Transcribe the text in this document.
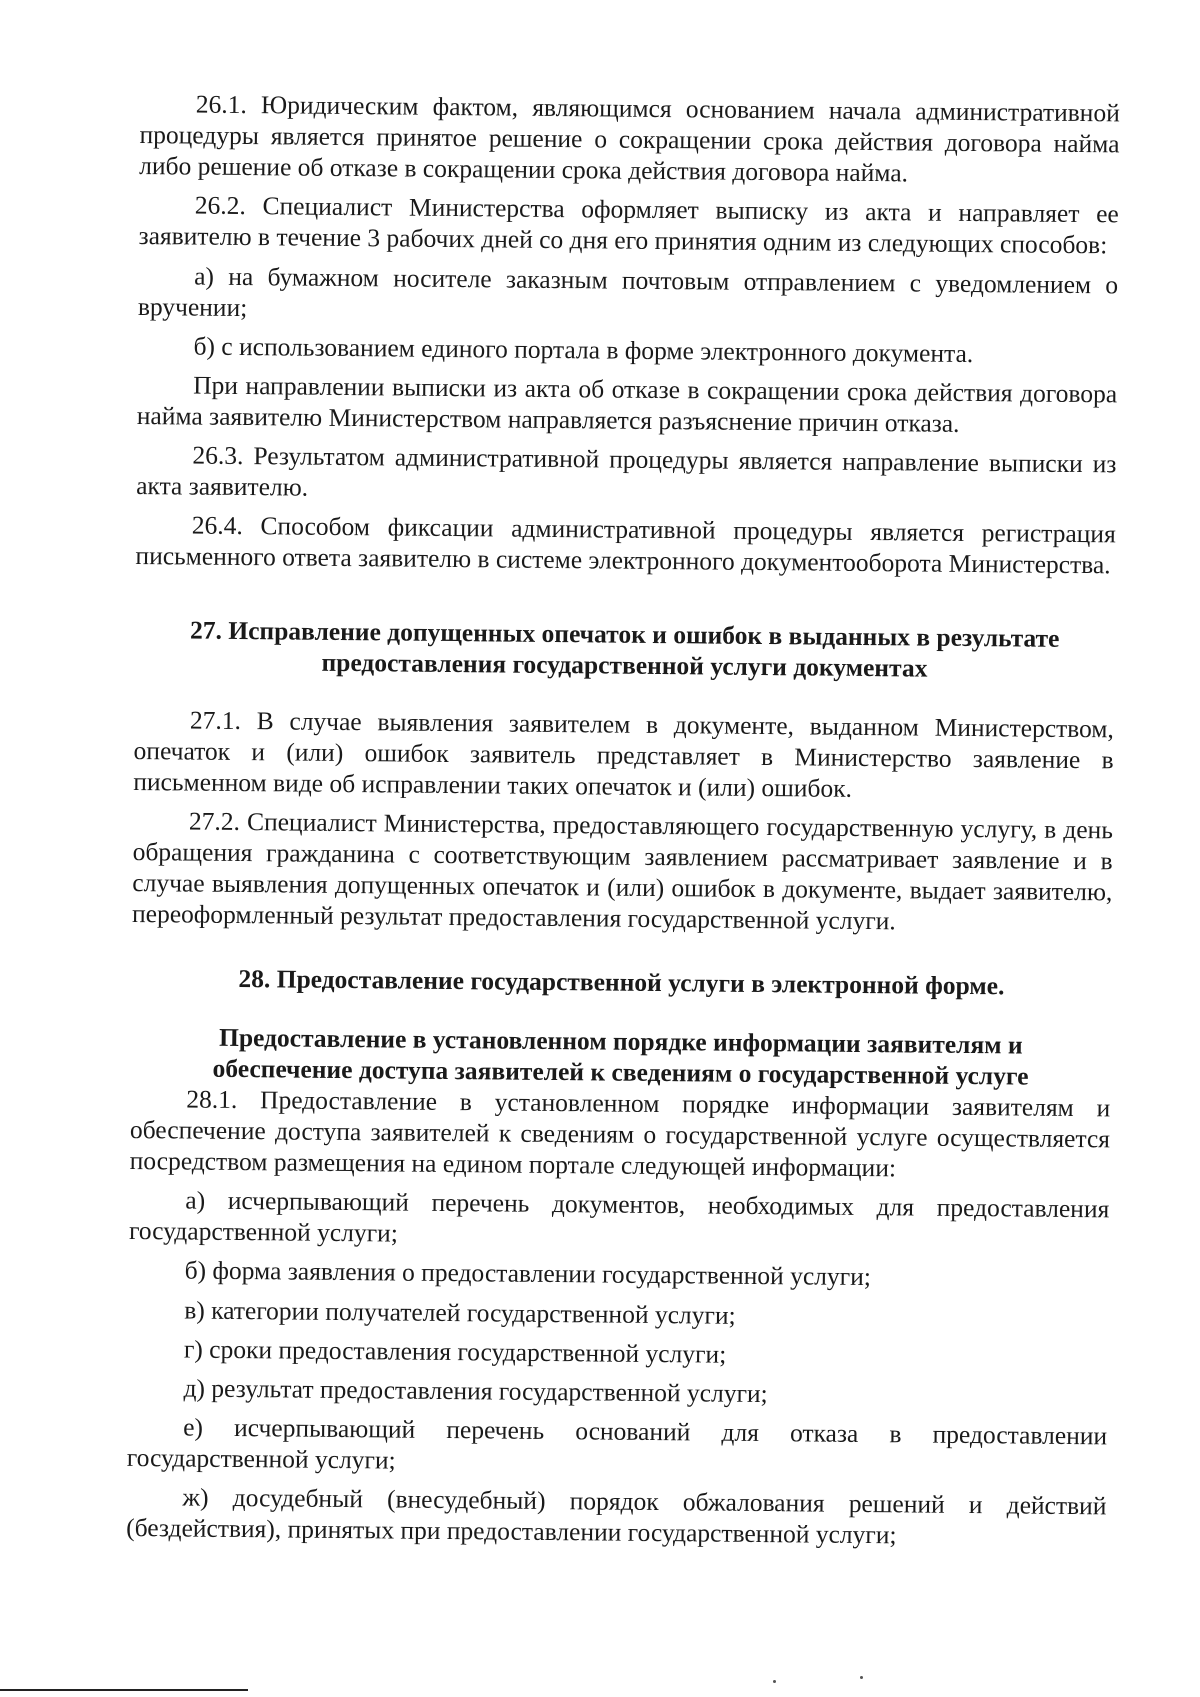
26.1. Юридическим фактом, являющимся основанием начала административной процедуры является принятое решение о сокращении срока действия договора найма либо решение об отказе в сокращении срока действия договора найма.

26.2. Специалист Министерства оформляет выписку из акта и направляет ее заявителю в течение 3 рабочих дней со дня его принятия одним из следующих способов:

а) на бумажном носителе заказным почтовым отправлением с уведомлением о вручении;

б) с использованием единого портала в форме электронного документа.

При направлении выписки из акта об отказе в сокращении срока действия договора найма заявителю Министерством направляется разъяснение причин отказа.

26.3. Результатом административной процедуры является направление выписки из акта заявителю.

26.4. Способом фиксации административной процедуры является регистрация письменного ответа заявителю в системе электронного документооборота Министерства.

27. Исправление допущенных опечаток и ошибок в выданных в результате
предоставления государственной услуги документах

27.1. В случае выявления заявителем в документе, выданном Министерством, опечаток и (или) ошибок заявитель представляет в Министерство заявление в письменном виде об исправлении таких опечаток и (или) ошибок.

27.2. Специалист Министерства, предоставляющего государственную услугу, в день обращения гражданина с соответствующим заявлением рассматривает заявление и в случае выявления допущенных опечаток и (или) ошибок в документе, выдает заявителю, переоформленный результат предоставления государственной услуги.

28. Предоставление государственной услуги в электронной форме.
Предоставление в установленном порядке информации заявителям и
обеспечение доступа заявителей к сведениям о государственной услуге

28.1. Предоставление в установленном порядке информации заявителям и обеспечение доступа заявителей к сведениям о государственной услуге осуществляется посредством размещения на едином портале следующей информации:

а) исчерпывающий перечень документов, необходимых для предоставления государственной услуги;

б) форма заявления о предоставлении государственной услуги;

в) категории получателей государственной услуги;

г) сроки предоставления государственной услуги;

д) результат предоставления государственной услуги;

е) исчерпывающий перечень оснований для отказа в предоставлении государственной услуги;

ж) досудебный (внесудебный) порядок обжалования решений и действий (бездействия), принятых при предоставлении государственной услуги;
